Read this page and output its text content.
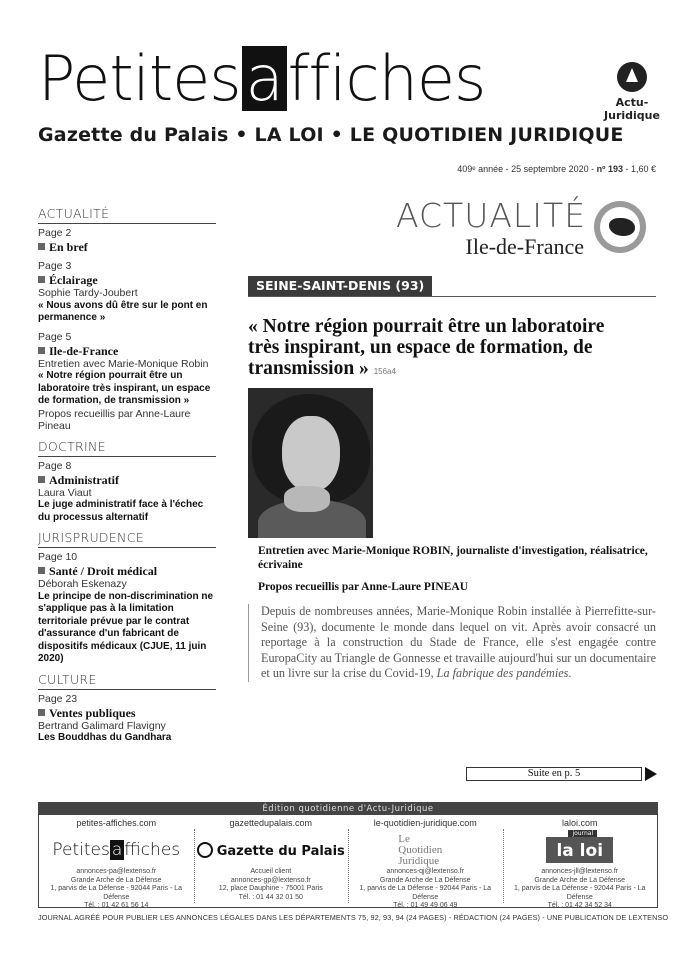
Petitesaffiches
Gazette du Palais • LA LOI • LE QUOTIDIEN JURIDIQUE
Actu-Juridique
409ᵉ année - 25 septembre 2020 - nº 193 - 1,60 €
ACTUALITÉ
Page 2
En bref
Page 3
Éclairage
Sophie Tardy-Joubert
« Nous avons dû être sur le pont en permanence »
Page 5
Ile-de-France
Entretien avec Marie-Monique Robin
« Notre région pourrait être un laboratoire très inspirant, un espace de formation, de transmission »
Propos recueillis par Anne-Laure Pineau
DOCTRINE
Page 8
Administratif
Laura Viaut
Le juge administratif face à l'échec du processus alternatif
JURISPRUDENCE
Page 10
Santé / Droit médical
Déborah Eskenazy
Le principe de non-discrimination ne s'applique pas à la limitation territoriale prévue par le contrat d'assurance d'un fabricant de dispositifs médicaux (CJUE, 11 juin 2020)
CULTURE
Page 23
Ventes publiques
Bertrand Galimard Flavigny
Les Bouddhas du Gandhara
ACTUALITÉ
Ile-de-France
SEINE-SAINT-DENIS (93)
« Notre région pourrait être un laboratoire très inspirant, un espace de formation, de transmission » 156a4

Entretien avec Marie-Monique ROBIN, journaliste d'investigation, réalisatrice, écrivaine

Propos recueillis par Anne-Laure PINEAU

Depuis de nombreuses années, Marie-Monique Robin installée à Pierrefitte-sur-Seine (93), documente le monde dans lequel on vit. Après avoir consacré un reportage à la construction du Stade de France, elle s'est engagée contre EuropaCity au Triangle de Gonnesse et travaille aujourd'hui sur un documentaire et un livre sur la crise du Covid-19, La fabrique des pandémies.
Suite en p. 5
Édition quotidienne d'Actu-Juridique
petites-affiches.com
Petites a ffiches
annonces-pa@lextenso.fr
Grande Arche de La Défense
1, parvis de La Défense - 92044 Paris - La Défense
Tél. : 01 42 61 56 14
gazettedupalais.com
Gazette du Palais
Accueil client
annonces-gp@lextenso.fr
12, place Dauphine - 75001 Paris
Tél. : 01 44 32 01 50
le-quotidien-juridique.com
Le Quotidien Juridique
annonces-qj@lextenso.fr
Grande Arche de La Défense
1, parvis de La Défense - 92044 Paris - La Défense
Tél. : 01 49 49 06 49
laloi.com
journal
la loi
annonces-jll@lextenso.fr
Grande Arche de La Défense
1, parvis de La Défense - 92044 Paris - La Défense
Tél. : 01 42 34 52 34
JOURNAL AGRÉÉ POUR PUBLIER LES ANNONCES LÉGALES DANS LES DÉPARTEMENTS 75, 92, 93, 94 (24 PAGES) - RÉDACTION (24 PAGES) - UNE PUBLICATION DE LEXTENSO
